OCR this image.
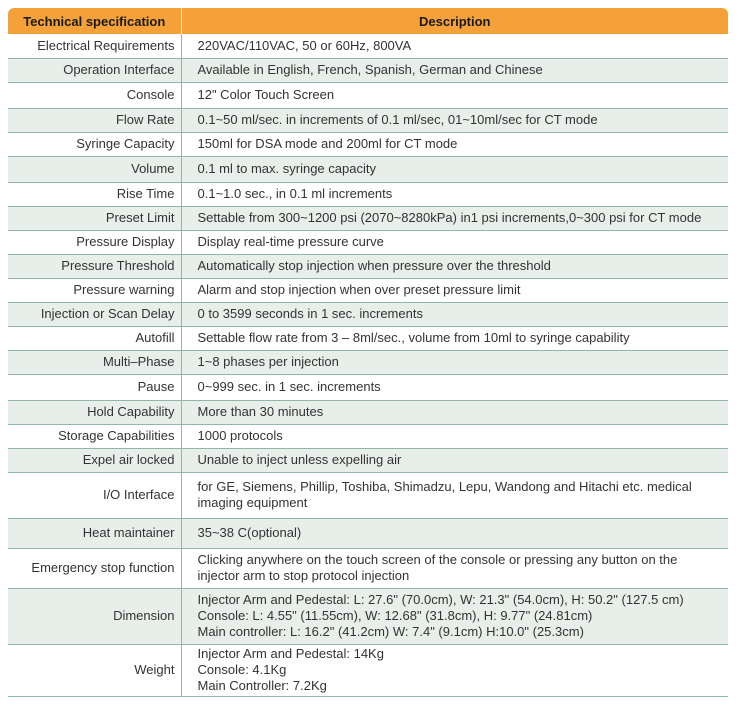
Technical specification	Description
Electrical Requirements	220VAC/110VAC, 50 or 60Hz, 800VA

Operation Interface	Available in English, French, Spanish, German and Chinese

Console	12" Color Touch Screen

Flow Rate	0.1~50 ml/sec. in increments of 0.1 ml/sec, 01~10ml/sec for CT mode

Syringe Capacity	150ml for DSA mode and 200ml for CT mode

Volume	0.1 ml to max. syringe capacity

Rise Time	0.1~1.0 sec., in 0.1 ml increments

Preset Limit	Settable from 300~1200 psi (2070~8280kPa) in1 psi increments,0~300 psi for CT mode

Pressure Display	Display real-time pressure curve

Pressure Threshold	Automatically stop injection when pressure over the threshold

Pressure warning	Alarm and stop injection when over preset pressure limit

Injection or Scan Delay	0 to 3599 seconds in 1 sec. increments

Autofill	Settable flow rate from 3 – 8ml/sec., volume from 10ml to syringe capability

Multi–Phase	1~8 phases per injection

Pause	0~999 sec. in 1 sec. increments

Hold Capability	More than 30 minutes

Storage Capabilities	1000 protocols

Expel air locked	Unable to inject unless expelling air

I/O Interface	for GE, Siemens, Phillip, Toshiba, Shimadzu, Lepu, Wandong and Hitachi etc. medical
imaging equipment

Heat maintainer	35~38 C(optional)

Emergency stop function	Clicking anywhere on the touch screen of the console or pressing any button on the
injector arm to stop protocol injection

Dimension	Injector Arm and Pedestal: L: 27.6" (70.0cm), W: 21.3" (54.0cm), H: 50.2" (127.5 cm)
Console: L: 4.55" (11.55cm), W: 12.68" (31.8cm), H: 9.77" (24.81cm)
Main controller: L: 16.2" (41.2cm) W: 7.4" (9.1cm) H:10.0" (25.3cm)

Weight	Injector Arm and Pedestal: 14Kg
Console: 4.1Kg
Main Controller: 7.2Kg
